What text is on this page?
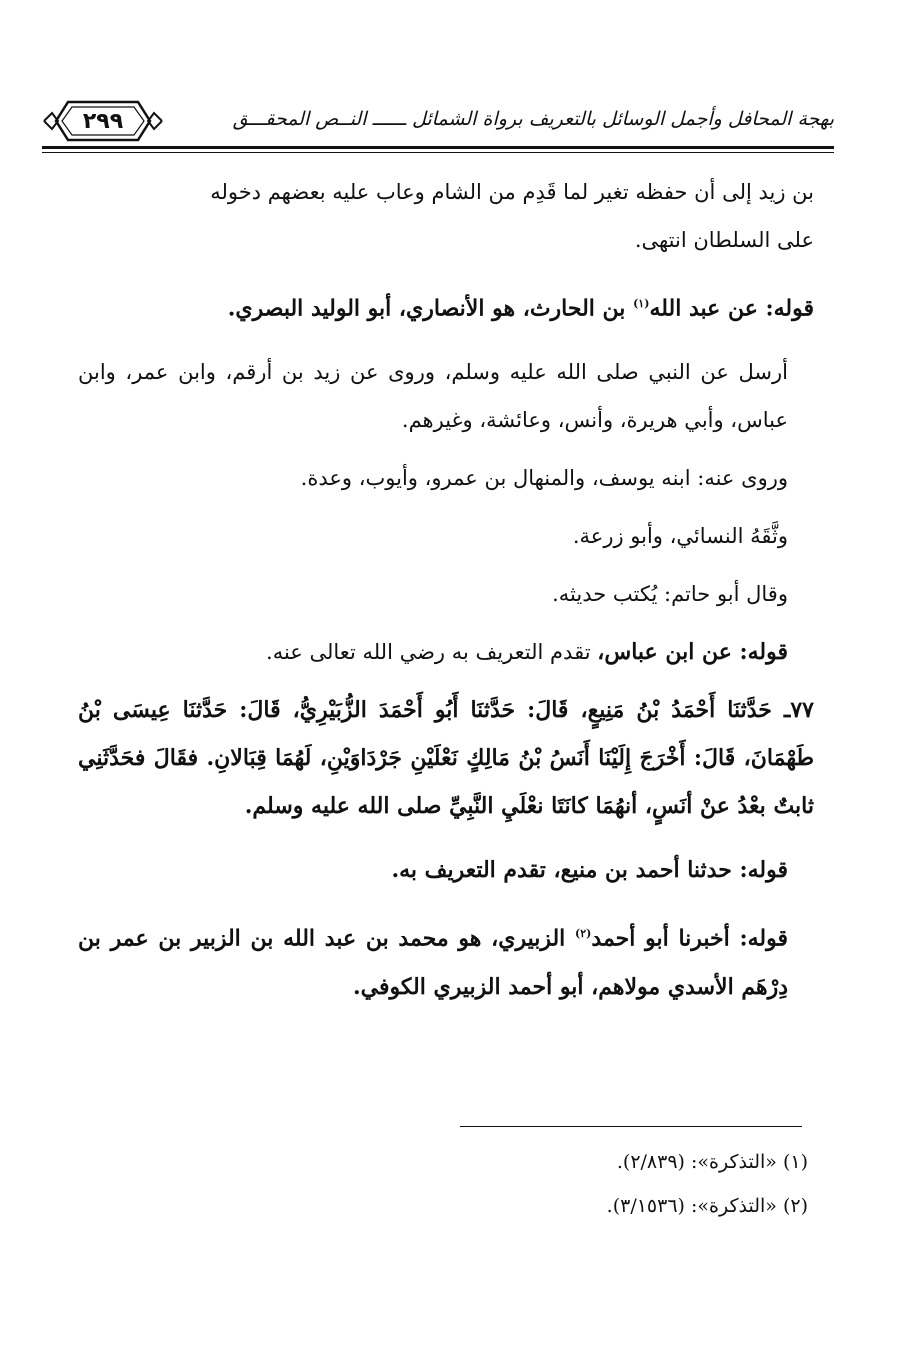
٢٩٩	بهجة المحافل وأجمل الوسائل بالتعريف برواة الشمائل ــــــ النــص المحقـــق

بن زيد إلى أن حفظه تغير لما قَدِم من الشام وعاب عليه بعضهم دخوله

على السلطان انتهى.

قوله: عن عبد الله$^{(١)}$ بن الحارث، هو الأنصاري، أبو الوليد البصري.

أرسل عن النبي صلى الله عليه وسلم، وروى عن زيد بن أرقم، وابن عمر، وابن عباس، وأبي هريرة، وأنس، وعائشة، وغيرهم.

وروى عنه: ابنه يوسف، والمنهال بن عمرو، وأيوب، وعدة.

وثَّقَهُ النسائي، وأبو زرعة.

وقال أبو حاتم: يُكتب حديثه.

قوله: عن ابن عباس، تقدم التعريف به رضي الله تعالى عنه.

٧٧ـ حَدَّثنَا أَحْمَدُ بْنُ مَنِيعٍ، قَالَ: حَدَّثنَا أَبُو أَحْمَدَ الزُّبَيْرِيُّ، قَالَ: حَدَّثنَا عِيسَى بْنُ طَهْمَانَ، قَالَ: أَخْرَجَ إِلَيْنَا أَنَسُ بْنُ مَالِكٍ نَعْلَيْنِ جَرْدَاوَيْنِ، لَهُمَا قِبَالانِ. فقَالَ فحَدَّثَنِي ثابتٌ بعْدُ عنْ أنَسٍ، أنهُمَا كانَتَا نعْلَيِ النَّبِيِّ صلى الله عليه وسلم.

قوله: حدثنا أحمد بن منيع، تقدم التعريف به.

قوله: أخبرنا أبو أحمد$^{(٢)}$ الزبيري، هو محمد بن عبد الله بن الزبير بن عمر بن دِرْهَم الأسدي مولاهم، أبو أحمد الزبيري الكوفي.

(١) «التذكرة»: (٢/٨٣٩).

(٢) «التذكرة»: (٣/١٥٣٦).
